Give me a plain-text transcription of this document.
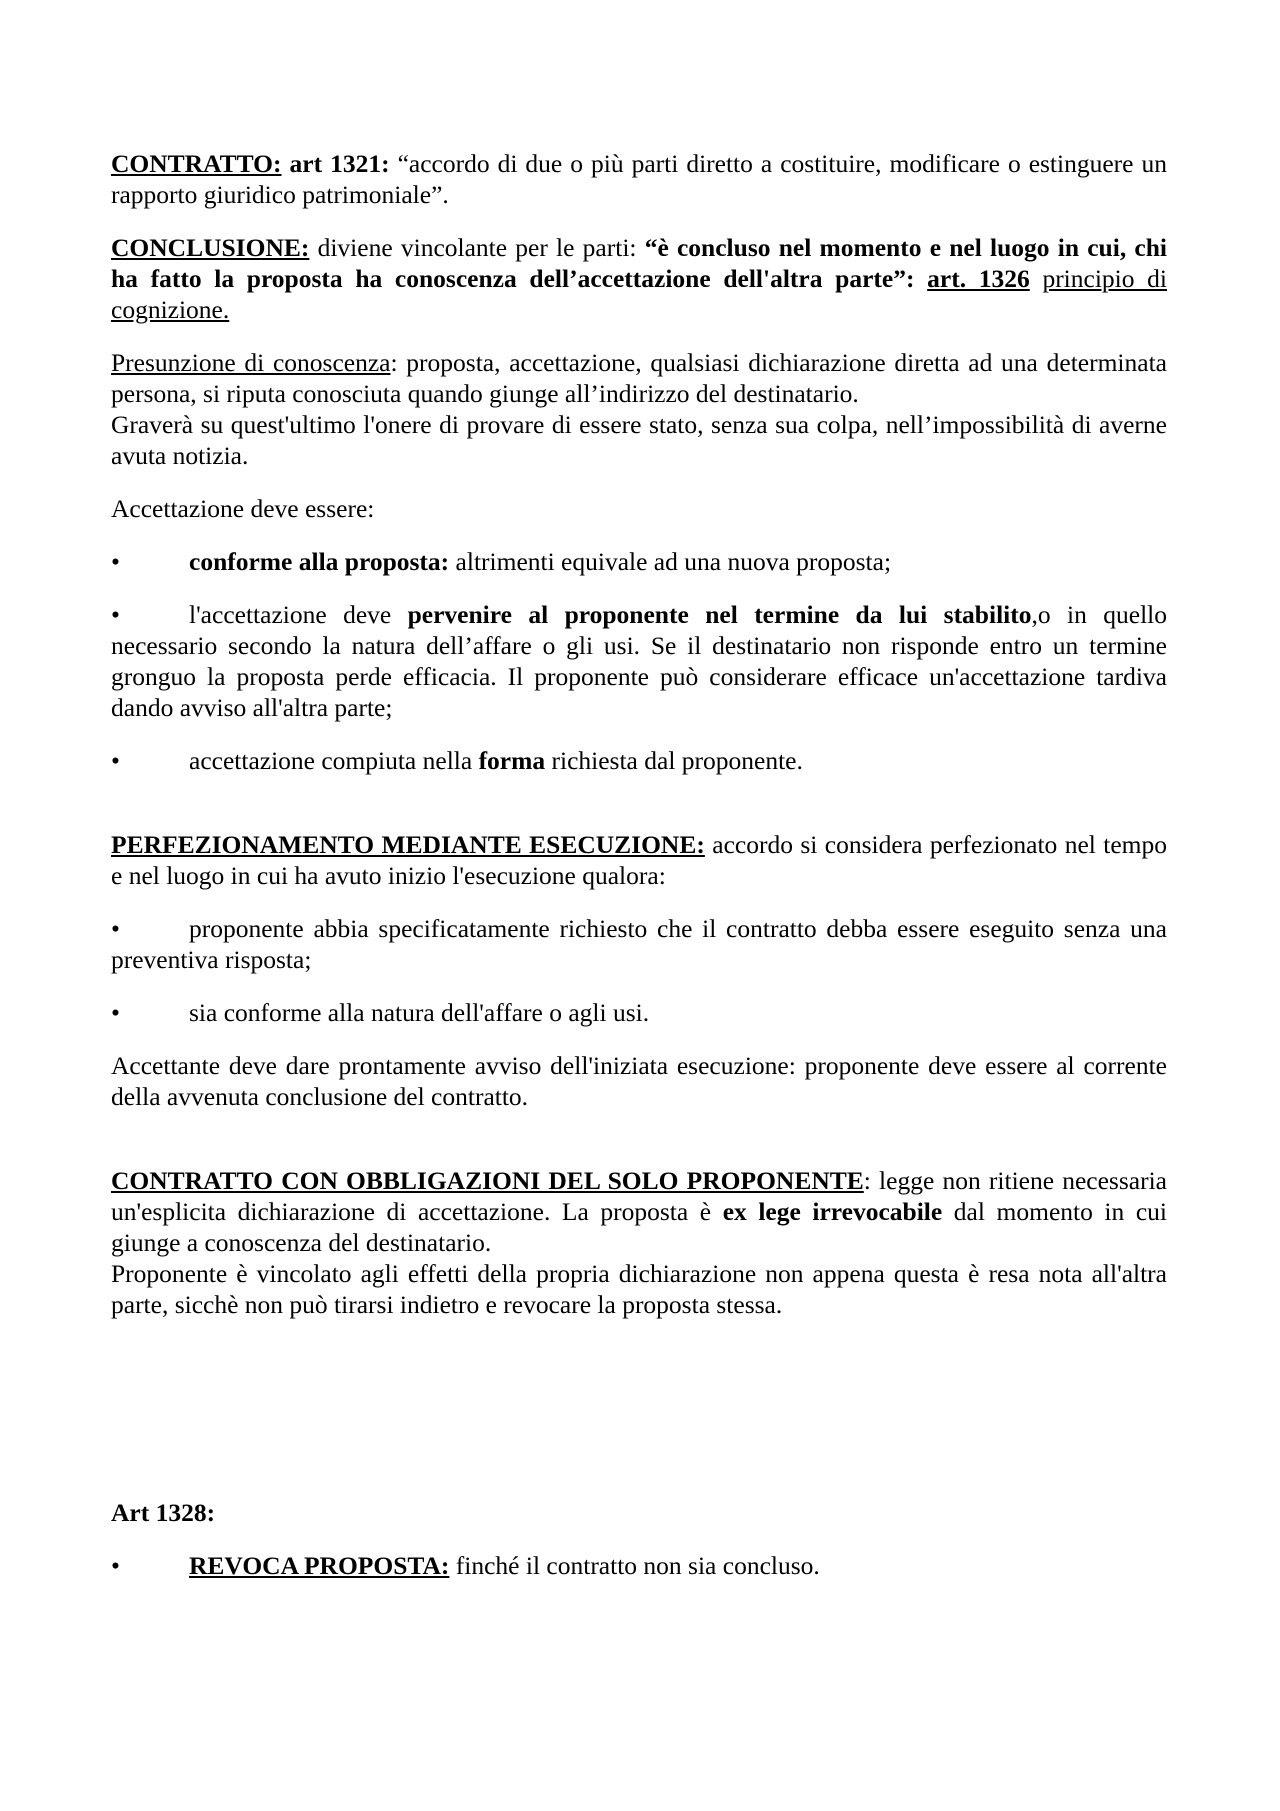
CONTRATTO: art 1321: “accordo di due o più parti diretto a costituire, modificare o estinguere un rapporto giuridico patrimoniale”.

CONCLUSIONE: diviene vincolante per le parti: “è concluso nel momento e nel luogo in cui, chi ha fatto la proposta ha conoscenza dell’accettazione dell'altra parte”: art. 1326 principio di cognizione.

Presunzione di conoscenza: proposta, accettazione, qualsiasi dichiarazione diretta ad una determinata persona, si riputa conosciuta quando giunge all’indirizzo del destinatario.

Graverà su quest'ultimo l'onere di provare di essere stato, senza sua colpa, nell’impossibilità di averne avuta notizia.

Accettazione deve essere:

•	conforme alla proposta: altrimenti equivale ad una nuova proposta;

•	l'accettazione deve pervenire al proponente nel termine da lui stabilito,o in quello necessario secondo la natura dell’affare o gli usi. Se il destinatario non risponde entro un termine gronguo la proposta perde efficacia. Il proponente può considerare efficace un'accettazione tardiva dando avviso all'altra parte;

•	accettazione compiuta nella forma richiesta dal proponente.

PERFEZIONAMENTO MEDIANTE ESECUZIONE: accordo si considera perfezionato nel tempo e nel luogo in cui ha avuto inizio l'esecuzione qualora:

•	proponente abbia specificatamente richiesto che il contratto debba essere eseguito senza una preventiva risposta;

•	sia conforme alla natura dell'affare o agli usi.

Accettante deve dare prontamente avviso dell'iniziata esecuzione: proponente deve essere al corrente della avvenuta conclusione del contratto.

CONTRATTO CON OBBLIGAZIONI DEL SOLO PROPONENTE: legge non ritiene necessaria un'esplicita dichiarazione di accettazione. La proposta è ex lege irrevocabile dal momento in cui giunge a conoscenza del destinatario.

Proponente è vincolato agli effetti della propria dichiarazione non appena questa è resa nota all'altra parte, sicchè non può tirarsi indietro e revocare la proposta stessa.

Art 1328:

•	REVOCA PROPOSTA: finché il contratto non sia concluso.
